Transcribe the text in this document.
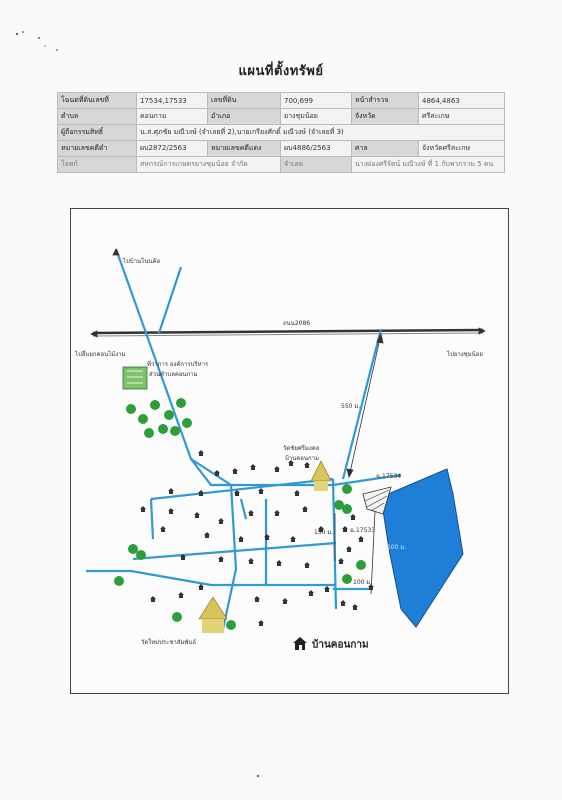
แผนที่ตั้งทรัพย์
โฉนดที่ดินเลขที่	17534,17533	เลขที่ดิน	700,699	หน้าสำรวจ	4864,4863
ตำบล	คอนกาม	อำเภอ	ยางชุมน้อย	จังหวัด	ศรีสะเกษ
ผู้ถือกรรมสิทธิ์	น.ส.ศุภชัย มณีวงษ์ (จำเลยที่ 2),นายเกรียงศักดิ์ มณีวงษ์ (จำเลยที่ 3)				
หมายเลขคดีดำ	ผบ2872/2563	หมายเลขคดีแดง	ผบ4886/2563	ศาล	จังหวัดศรีสะเกษ
โจทก์	สหกรณ์การเกษตรยางชุมน้อย จำกัด		จำเลย	นางผ่องศรีรัตน์ มณีวงษ์ ที่ 1 กับพวกรวม 5 คน	
ถนน2086
ไปสี่แยกคอนไม้งาม	ไปยางชุมน้อย
ไปบ้านโนนค้อ
ที่ว่าการ องค์การบริหาร
ส่วนตำบลคอนกาม
วัดชัยศรีมงคล
บ้านคอนกาม
วัดใหม่ประชาสัมพันธ์
ฉ.17534
ฉ.17533
550 ม.
150 ม.
100 ม.
100 ม.
บ้านคอนกาม
